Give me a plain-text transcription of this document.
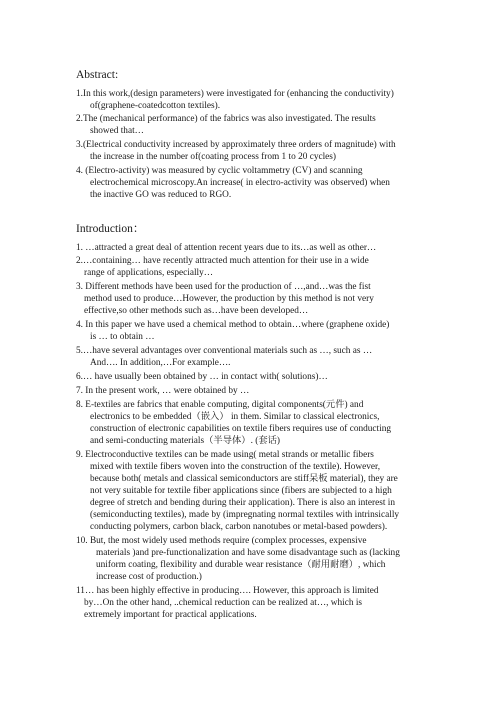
Abstract:
1.In this work,(design parameters) were investigated for (enhancing the conductivity)
of(graphene-coatedcotton textiles).
2.The (mechanical performance) of the fabrics was also investigated. The results
showed that…
3.(Electrical conductivity increased by approximately three orders of magnitude) with
the increase in the number of(coating process from 1 to 20 cycles)
4. (Electro-activity) was measured by cyclic voltammetry (CV) and scanning
electrochemical microscopy.An increase( in electro-activity was observed) when
the inactive GO was reduced to RGO.
Introduction：
1. …attracted a great deal of attention recent years due to its…as well as other…
2.…containing… have recently attracted much attention for their use in a wide
range of applications, especially…
3. Different methods have been used for the production of …,and…was the fist
method used to produce…However, the production by this method is not very
effective,so other methods such as…have been developed…
4. In this paper we have used a chemical method to obtain…where (graphene oxide)
is … to obtain …
5.…have several advantages over conventional materials such as …, such as …
And…. In addition,…For example….
6.… have usually been obtained by … in contact with( solutions)…
7. In the present work, … were obtained by …
8. E-textiles are fabrics that enable computing, digital components(元件) and
electronics to be embedded（嵌入） in them. Similar to classical electronics,
construction of electronic capabilities on textile fibers requires use of conducting
and semi-conducting materials（半导体）. (套话)
9. Electroconductive textiles can be made using( metal strands or metallic fibers
mixed with textile fibers woven into the construction of the textile). However,
because both( metals and classical semiconductors are stiff呆板 material), they are
not very suitable for textile fiber applications since (fibers are subjected to a high
degree of stretch and bending during their application). There is also an interest in
(semiconducting textiles), made by (impregnating normal textiles with intrinsically
conducting polymers, carbon black, carbon nanotubes or metal-based powders).
10. But, the most widely used methods require (complex processes, expensive
materials )and pre-functionalization and have some disadvantage such as (lacking
uniform coating, flexibility and durable wear resistance（耐用耐磨）, which
increase cost of production.)
11… has been highly effective in producing…. However, this approach is limited
by…On the other hand, ..chemical reduction can be realized at…, which is
extremely important for practical applications.
